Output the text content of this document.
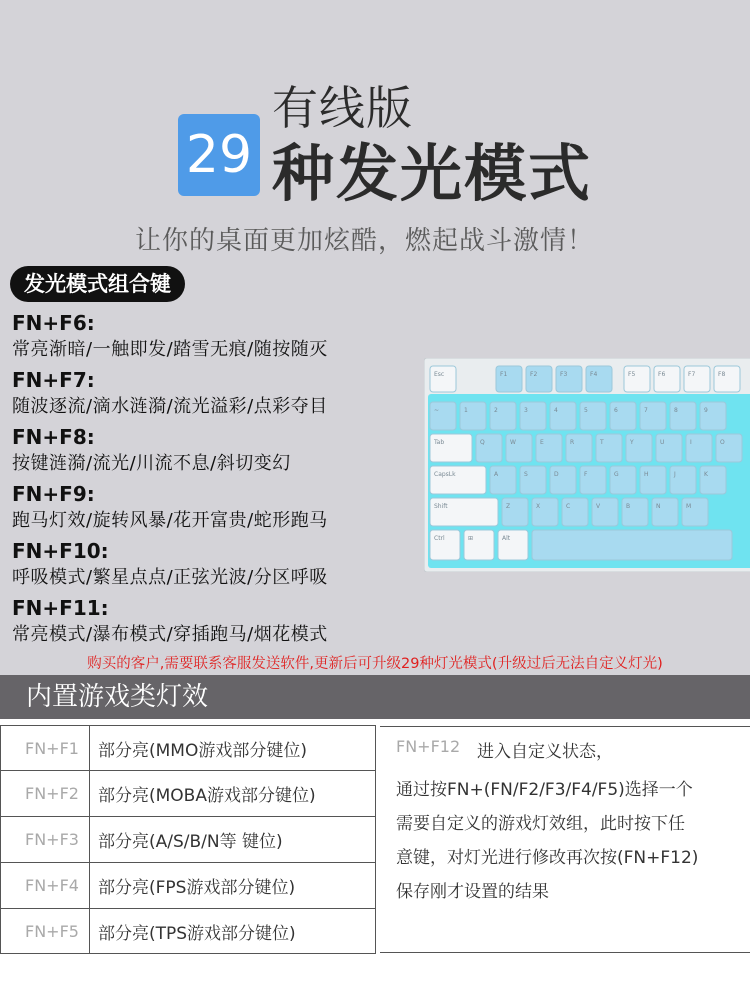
有线版
29 种发光模式
让你的桌面更加炫酷，燃起战斗激情！
发光模式组合键
FN+F6:
常亮渐暗/一触即发/踏雪无痕/随按随灭
FN+F7:
随波逐流/滴水涟漪/流光溢彩/点彩夺目
FN+F8:
按键涟漪/流光/川流不息/斜切变幻
FN+F9:
跑马灯效/旋转风暴/花开富贵/蛇形跑马
FN+F10:
呼吸模式/繁星点点/正弦光波/分区呼吸
FN+F11:
常亮模式/瀑布模式/穿插跑马/烟花模式
Esc	F1	F2	F3	F4	F5	F6	F7	F8
~	1	2	3	4	5	6	7	8	9
Tab	Q	W	E	R	T	Y	U	I	O
CapsLk	A	S	D	F	G	H	J	K
Shift	Z	X	C	V	B	N	M
Ctrl	⊞	Alt
购买的客户,需要联系客服发送软件,更新后可升级29种灯光模式(升级过后无法自定义灯光)
内置游戏类灯效
FN+F1	部分亮(MMO游戏部分键位)
FN+F2	部分亮(MOBA游戏部分键位)
FN+F3	部分亮(A/S/B/N等 键位)
FN+F4	部分亮(FPS游戏部分键位)
FN+F5	部分亮(TPS游戏部分键位)
FN+F12 进入自定义状态，
通过按FN+(FN/F2/F3/F4/F5)选择一个
需要自定义的游戏灯效组，此时按下任
意键，对灯光进行修改再次按(FN+F12)
保存刚才设置的结果
